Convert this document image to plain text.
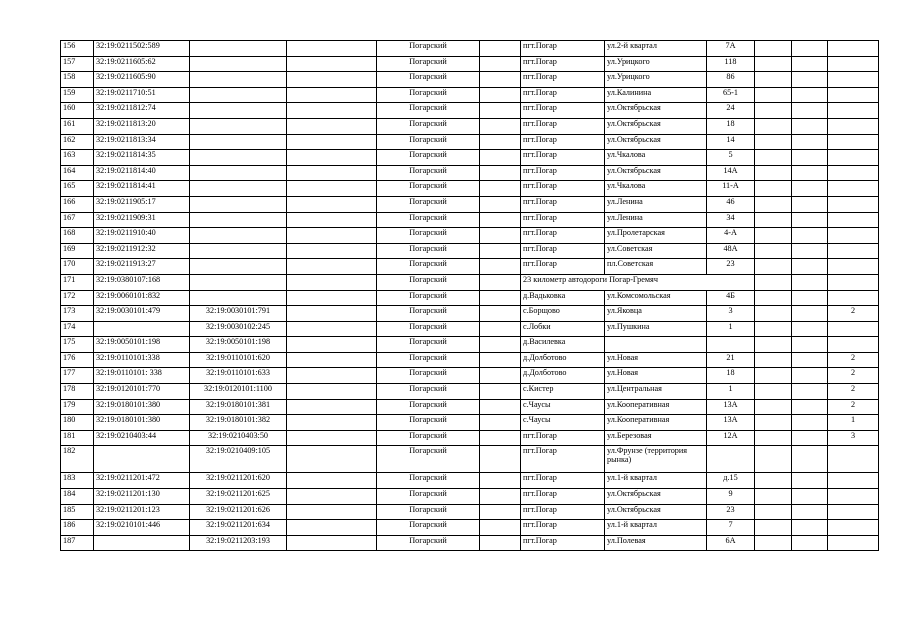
156	32:19:0211502:589			Погарский		пгт.Погар	ул.2-й квартал	7А			
157	32:19:0211605:62			Погарский		пгт.Погар	ул.Урицкого	118			
158	32:19:0211605:90			Погарский		пгт.Погар	ул.Урицкого	86			
159	32:19:0211710:51			Погарский		пгт.Погар	ул.Калинина	65-1			
160	32:19:0211812:74			Погарский		пгт.Погар	ул.Октябрьская	24			
161	32:19:0211813:20			Погарский		пгт.Погар	ул.Октябрьская	18			
162	32:19:0211813:34			Погарский		пгт.Погар	ул.Октябрьская	14			
163	32:19:0211814:35			Погарский		пгт.Погар	ул.Чкалова	5			
164	32:19:0211814:40			Погарский		пгт.Погар	ул.Октябрьская	14А			
165	32:19:0211814:41			Погарский		пгт.Погар	ул.Чкалова	11-А			
166	32:19:0211905:17			Погарский		пгт.Погар	ул.Ленина	46			
167	32:19:0211909:31			Погарский		пгт.Погар	ул.Ленина	34			
168	32:19:0211910:40			Погарский		пгт.Погар	ул.Пролетарская	4-А			
169	32:19:0211912:32			Погарский		пгт.Погар	ул.Советская	48А			
170	32:19:0211913:27			Погарский		пгт.Погар	пл.Советская	23			
171	32:19:0380107:168			Погарский		23 километр автодороги Погар-Гремяч					
172	32:19:0060101:832			Погарский		д.Вадьковка	ул.Комсомольская	4Б			
173	32:19:0030101:479	32:19:0030101:791		Погарский		с.Борщово	ул.Яковца	3			2
174		32:19:0030102:245		Погарский		с.Лобки	ул.Пушкина	1			
175	32:19:0050101:198	32:19:0050101:198		Погарский		д.Василевка					
176	32:19:0110101:338	32:19:0110101:620		Погарский		д.Долботово	ул.Новая	21			2
177	32:19:0110101: 338	32:19:0110101:633		Погарский		д.Долботово	ул.Новая	18			2
178	32:19:0120101:770	32:19:0120101:1100		Погарский		с.Кистер	ул.Центральная	1			2
179	32:19:0180101:380	32:19:0180101:381		Погарский		с.Чаусы	ул.Кооперативная	13А			2
180	32:19:0180101:380	32:19:0180101:382		Погарский		с.Чаусы	ул.Кооперативная	13А			1
181	32:19:0210403:44	32:19:0210403:50		Погарский		пгт.Погар	ул.Березовая	12А			3
182		32:19:0210409:105		Погарский		пгт.Погар	ул.Фрунзе (территория рынка)				
183	32:19:0211201:472	32:19:0211201:620		Погарский		пгт.Погар	ул.1-й квартал	д.15			
184	32:19:0211201:130	32:19:0211201:625		Погарский		пгт.Погар	ул.Октябрьская	9			
185	32:19:0211201:123	32:19:0211201:626		Погарский		пгт.Погар	ул.Октябрьская	23			
186	32:19:0210101:446	32:19:0211201:634		Погарский		пгт.Погар	ул.1-й квартал	7			
187		32:19:0211203:193		Погарский		пгт.Погар	ул.Полевая	6А			
